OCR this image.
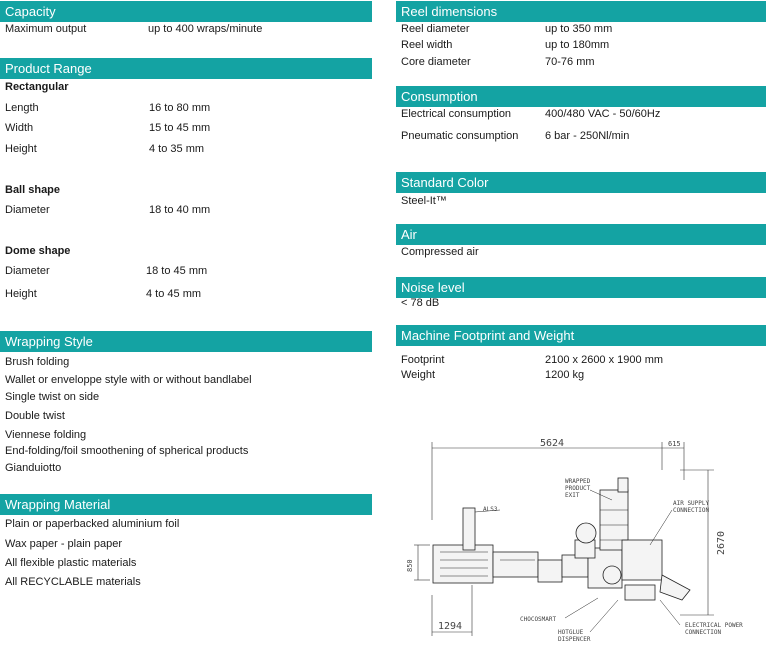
Capacity
Maximum output	up to 400 wraps/minute
Product Range
Rectangular
Length	16 to 80 mm
Width	15 to 45 mm
Height	4 to 35 mm
Ball shape
Diameter	18 to 40 mm
Dome shape
Diameter	18 to 45 mm
Height	4 to 45 mm
Wrapping Style
Brush folding
Wallet or enveloppe style with or without bandlabel
Single twist on side
Double twist
Viennese folding
End-folding/foil smoothening of spherical products
Gianduiotto
Wrapping Material
Plain or paperbacked aluminium foil
Wax paper - plain paper
All flexible plastic materials
All RECYCLABLE materials
Reel dimensions
Reel diameter	up to 350 mm
Reel width	up to 180mm
Core diameter	70-76 mm
Consumption
Electrical consumption	400/480 VAC - 50/60Hz
Pneumatic consumption 6 bar - 250Nl/min
Standard Color
Steel-It™
Air
Compressed air
Noise level
< 78 dB
Machine Footprint and Weight
Footprint	2100 x 2600 x 1900 mm
Weight	1200 kg
5624	615
2670
1294
850
ALS3
WRAPPED
PRODUCT
EXIT
AIR SUPPLY
CONNECTION
CHOCOSMART
HOTGLUE
DISPENCER
ELECTRICAL POWER
CONNECTION
